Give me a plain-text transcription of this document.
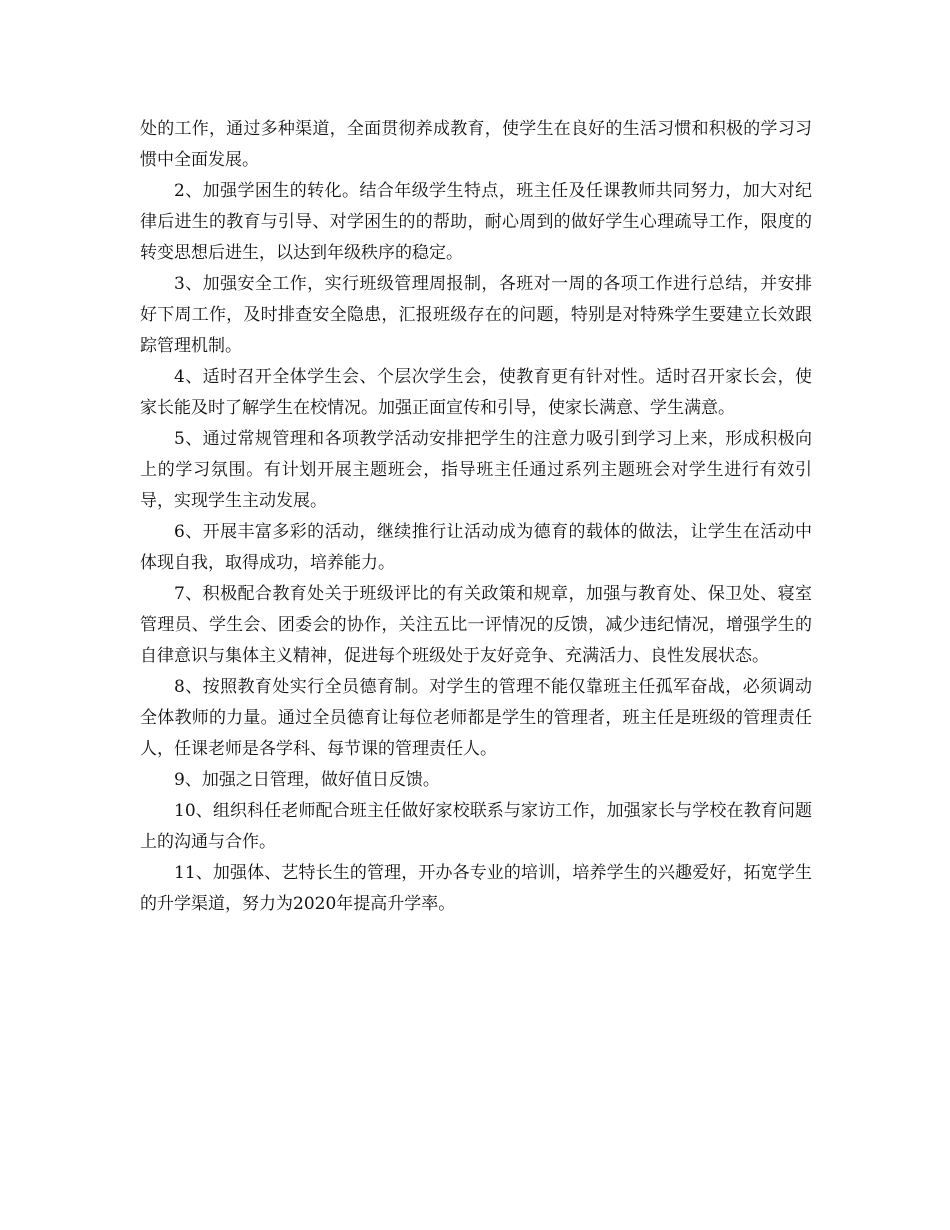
处的工作，通过多种渠道，全面贯彻养成教育，使学生在良好的生活习惯和积极的学习习惯中全面发展。

2、加强学困生的转化。结合年级学生特点，班主任及任课教师共同努力，加大对纪律后进生的教育与引导、对学困生的的帮助，耐心周到的做好学生心理疏导工作，限度的转变思想后进生，以达到年级秩序的稳定。

3、加强安全工作，实行班级管理周报制，各班对一周的各项工作进行总结，并安排好下周工作，及时排查安全隐患，汇报班级存在的问题，特别是对特殊学生要建立长效跟踪管理机制。

4、适时召开全体学生会、个层次学生会，使教育更有针对性。适时召开家长会，使家长能及时了解学生在校情况。加强正面宣传和引导，使家长满意、学生满意。

5、通过常规管理和各项教学活动安排把学生的注意力吸引到学习上来，形成积极向上的学习氛围。有计划开展主题班会，指导班主任通过系列主题班会对学生进行有效引导，实现学生主动发展。

6、开展丰富多彩的活动，继续推行让活动成为德育的载体的做法，让学生在活动中体现自我，取得成功，培养能力。

7、积极配合教育处关于班级评比的有关政策和规章，加强与教育处、保卫处、寝室管理员、学生会、团委会的协作，关注五比一评情况的反馈，减少违纪情况，增强学生的自律意识与集体主义精神，促进每个班级处于友好竞争、充满活力、良性发展状态。

8、按照教育处实行全员德育制。对学生的管理不能仅靠班主任孤军奋战，必须调动全体教师的力量。通过全员德育让每位老师都是学生的管理者，班主任是班级的管理责任人，任课老师是各学科、每节课的管理责任人。

9、加强之日管理，做好值日反馈。

10、组织科任老师配合班主任做好家校联系与家访工作，加强家长与学校在教育问题上的沟通与合作。

11、加强体、艺特长生的管理，开办各专业的培训，培养学生的兴趣爱好，拓宽学生的升学渠道，努力为2020年提高升学率。
